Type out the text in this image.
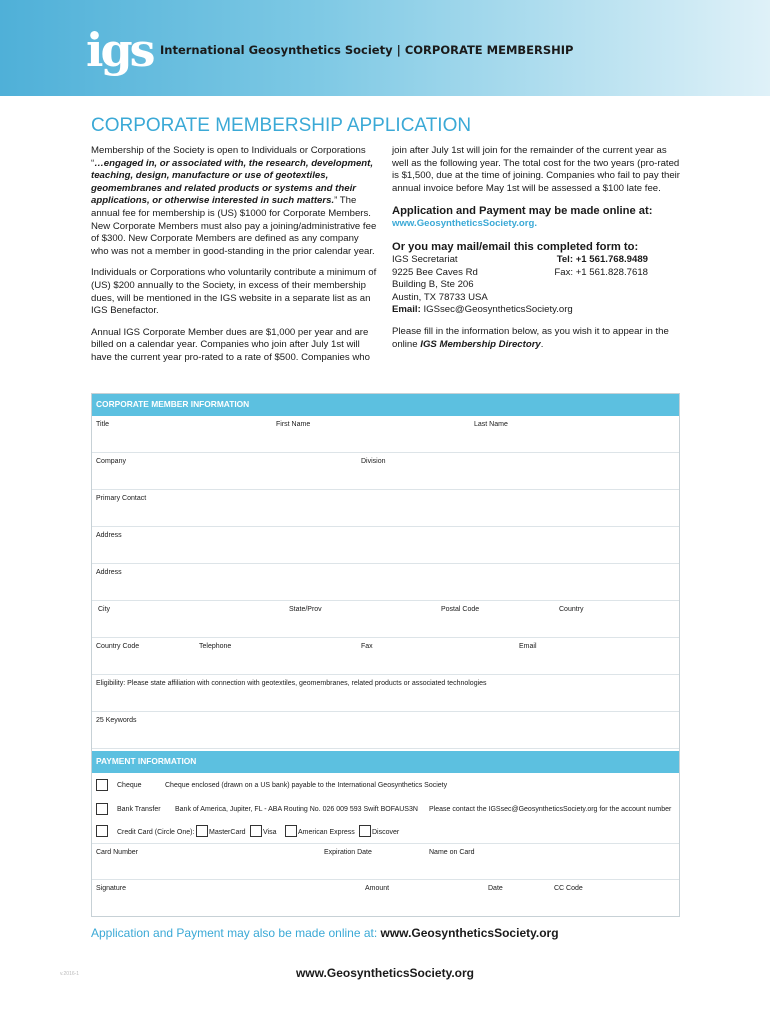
igs International Geosynthetics Society | CORPORATE MEMBERSHIP
CORPORATE MEMBERSHIP APPLICATION

Membership of the Society is open to Individuals or Corporations “…engaged in, or associated with, the research, development, teaching, design, manufacture or use of geotextiles, geomembranes and related products or systems and their applications, or otherwise interested in such matters.” The annual fee for membership is (US) $1000 for Corporate Members. New Corporate Members must also pay a joining/administrative fee of $300. New Corporate Members are defined as any company who was not a member in good-standing in the prior calendar year.

Individuals or Corporations who voluntarily contribute a minimum of (US) $200 annually to the Society, in excess of their membership dues, will be mentioned in the IGS website in a separate list as an IGS Benefactor.

Annual IGS Corporate Member dues are $1,000 per year and are billed on a calendar year. Companies who join after July 1st will have the current year pro-rated to a rate of $500. Companies who

join after July 1st will join for the remainder of the current year as well as the following year. The total cost for the two years (pro-rated is $1,500, due at the time of joining. Companies who fail to pay their annual invoice before May 1st will be assessed a $100 late fee.

Application and Payment may be made online at:
www.GeosyntheticsSociety.org.
Or you may mail/email this completed form to:
IGS Secretariat	Tel: +1 561.768.9489
9225 Bee Caves Rd	Fax: +1 561.828.7618
Building B, Ste 206
Austin, TX 78733 USA
Email: IGSsec@GeosyntheticsSociety.org

Please fill in the information below, as you wish it to appear in the online IGS Membership Directory.

CORPORATE MEMBER INFORMATION
Title	First Name	Last Name
Company	Division
Primary Contact
Address
Address
City	State/Prov	Postal Code	Country
Country Code	Telephone	Fax	Email
Eligibility: Please state affiliation with connection with geotextiles, geomembranes, related products or associated technologies
25 Keywords
PAYMENT INFORMATION
Cheque	Cheque enclosed (drawn on a US bank) payable to the International Geosynthetics Society
Bank Transfer Bank of America, Jupiter, FL - ABA Routing No. 026 009 593 Swift BOFAUS3N Please contact the IGSsec@GeosyntheticsSociety.org for the account number
Credit Card (Circle One): MasterCard Visa	American Express Discover
Card Number	Expiration Date	Name on Card
Signature	Amount	Date	CC Code
Application and Payment may also be made online at: www.GeosyntheticsSociety.org
v.2016-1	www.GeosyntheticsSociety.org
